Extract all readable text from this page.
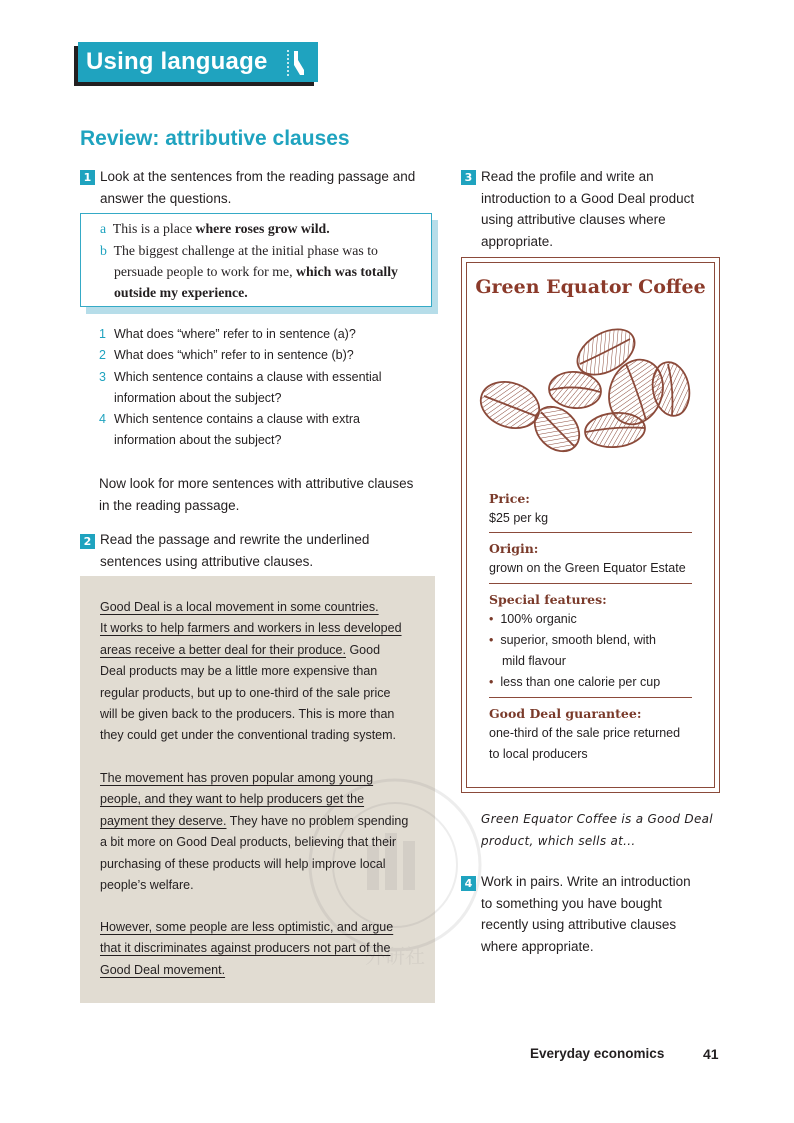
Using language
Review: attributive clauses
1 Look at the sentences from the reading passage and
answer the questions.
a This is a place where roses grow wild.
b The biggest challenge at the initial phase was to
persuade people to work for me, which was totally
outside my experience.
1 What does “where” refer to in sentence (a)?
2 What does “which” refer to in sentence (b)?
3 Which sentence contains a clause with essential
information about the subject?
4 Which sentence contains a clause with extra
information about the subject?
Now look for more sentences with attributive clauses
in the reading passage.
2 Read the passage and rewrite the underlined
sentences using attributive clauses.
外研社
Good Deal is a local movement in some countries.
It works to help farmers and workers in less developed
areas receive a better deal for their produce. Good
Deal products may be a little more expensive than
regular products, but up to one-third of the sale price
will be given back to the producers. This is more than
they could get under the conventional trading system.
The movement has proven popular among young
people, and they want to help producers get the
payment they deserve. They have no problem spending
a bit more on Good Deal products, believing that their
purchasing of these products will help improve local
people’s welfare.
However, some people are less optimistic, and argue
that it discriminates against producers not part of the
Good Deal movement.
3 Read the profile and write an
introduction to a Good Deal product
using attributive clauses where
appropriate.
Green Equator Coffee
Price:
$25 per kg
Origin:
grown on the Green Equator Estate
Special features:
• 100% organic
• superior, smooth blend, with
mild flavour
• less than one calorie per cup
Good Deal guarantee:
one-third of the sale price returned
to local producers
Green Equator Coffee is a Good Deal
product, which sells at...
4 Work in pairs. Write an introduction
to something you have bought
recently using attributive clauses
where appropriate.
Everyday economics	41
